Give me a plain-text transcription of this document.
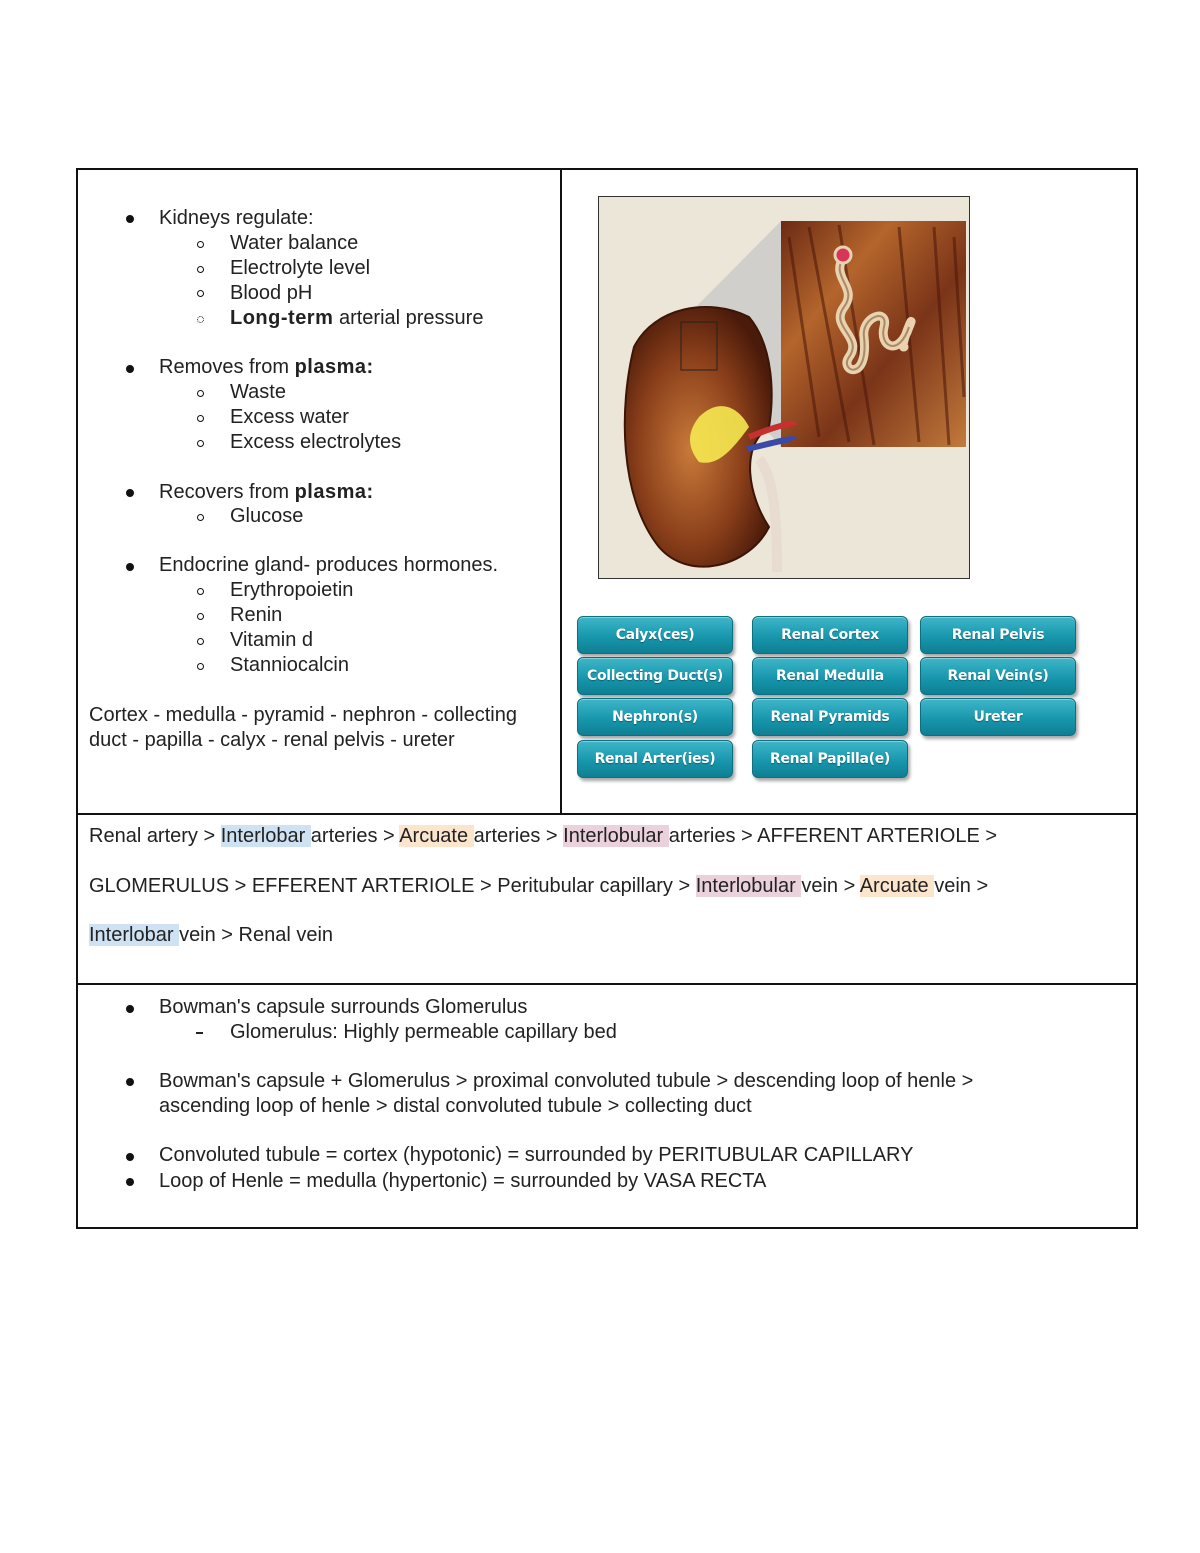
Kidneys regulate:
Water balance
Electrolyte level
Blood pH
Long-term arterial pressure
Removes from plasma:
Waste
Excess water
Excess electrolytes
Recovers from plasma:
Glucose
Endocrine gland- produces hormones.
Erythropoietin
Renin
Vitamin d
Stanniocalcin
Cortex - medulla - pyramid - nephron - collecting
duct - papilla - calyx - renal pelvis - ureter
Calyx(ces)	Renal Cortex	Renal Pelvis
Collecting Duct(s)	Renal Medulla	Renal Vein(s)
Nephron(s)	Renal Pyramids	Ureter
Renal Arter(ies)	Renal Papilla(e)
Renal artery > Interlobar arteries > Arcuate arteries > Interlobular arteries > AFFERENT ARTERIOLE >
GLOMERULUS > EFFERENT ARTERIOLE > Peritubular capillary > Interlobular vein > Arcuate vein >
Interlobar vein > Renal vein
Bowman's capsule surrounds Glomerulus
Glomerulus: Highly permeable capillary bed
Bowman's capsule + Glomerulus > proximal convoluted tubule > descending loop of henle >
ascending loop of henle > distal convoluted tubule > collecting duct
Convoluted tubule = cortex (hypotonic) = surrounded by PERITUBULAR CAPILLARY
Loop of Henle = medulla (hypertonic) = surrounded by VASA RECTA
